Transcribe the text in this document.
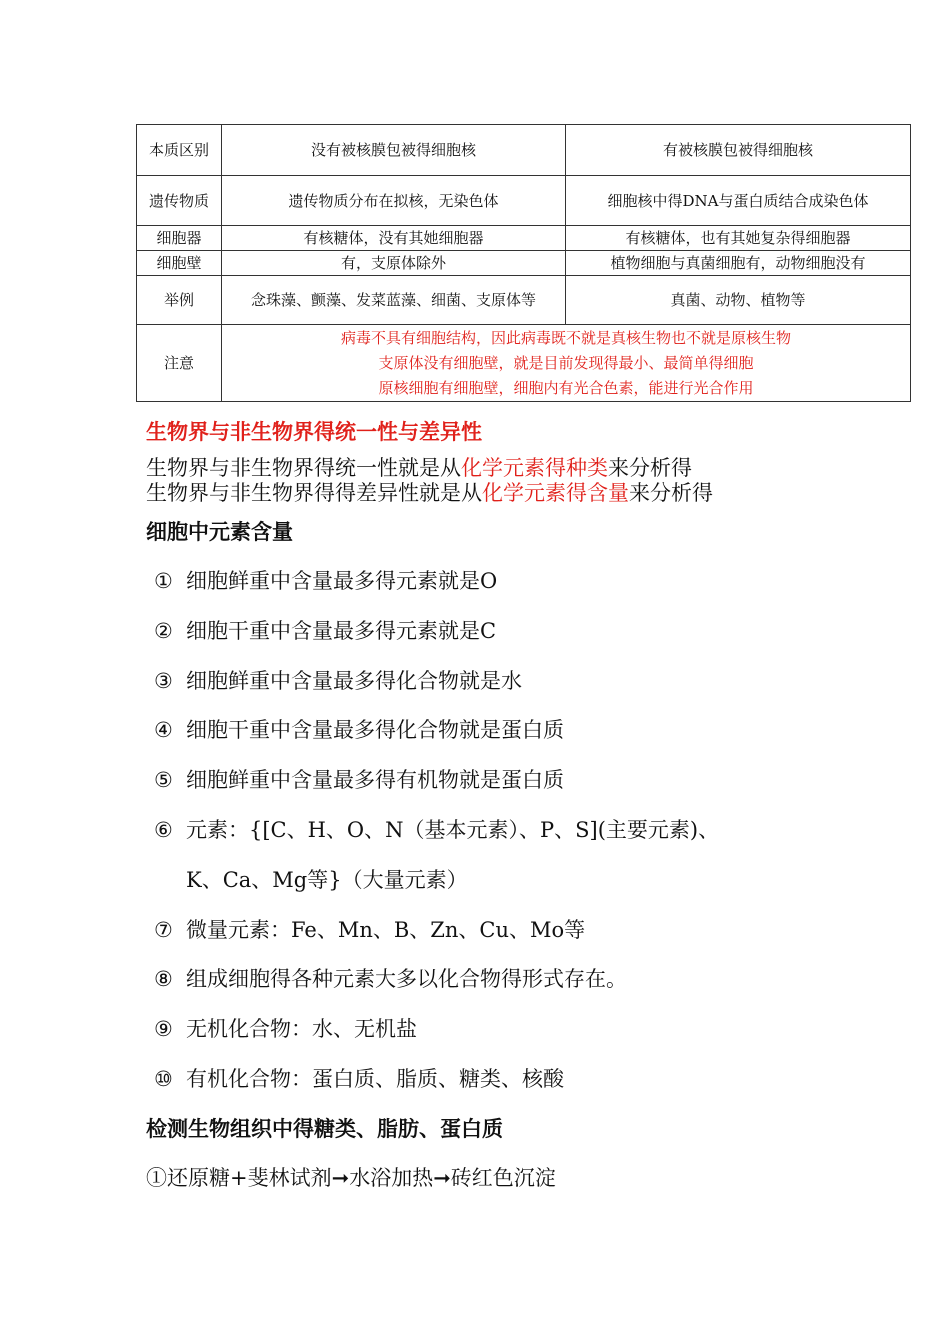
本质区别	没有被核膜包被得细胞核	有被核膜包被得细胞核
遗传物质	遗传物质分布在拟核，无染色体	细胞核中得DNA与蛋白质结合成染色体
细胞器	有核糖体，没有其她细胞器	有核糖体，也有其她复杂得细胞器
细胞壁	有，支原体除外	植物细胞与真菌细胞有，动物细胞没有
举例	念珠藻、颤藻、发菜蓝藻、细菌、支原体等	真菌、动物、植物等
注意	病毒不具有细胞结构，因此病毒既不就是真核生物也不就是原核生物
支原体没有细胞壁，就是目前发现得最小、最简单得细胞
原核细胞有细胞壁，细胞内有光合色素，能进行光合作用	
生物界与非生物界得统一性与差异性
生物界与非生物界得统一性就是从化学元素得种类来分析得
生物界与非生物界得得差异性就是从化学元素得含量来分析得
细胞中元素含量
① 细胞鲜重中含量最多得元素就是O
② 细胞干重中含量最多得元素就是C
③ 细胞鲜重中含量最多得化合物就是水
④ 细胞干重中含量最多得化合物就是蛋白质
⑤ 细胞鲜重中含量最多得有机物就是蛋白质
⑥ 元素：{[C、H、O、N（基本元素）、P、S](主要元素)、
K、Ca、Mg等}（大量元素）
⑦ 微量元素：Fe、Mn、B、Zn、Cu、Mo等
⑧ 组成细胞得各种元素大多以化合物得形式存在。
⑨ 无机化合物：水、无机盐
⑩ 有机化合物：蛋白质、脂质、糖类、核酸
检测生物组织中得糖类、脂肪、蛋白质
①还原糖+斐林试剂➞水浴加热➞砖红色沉淀
